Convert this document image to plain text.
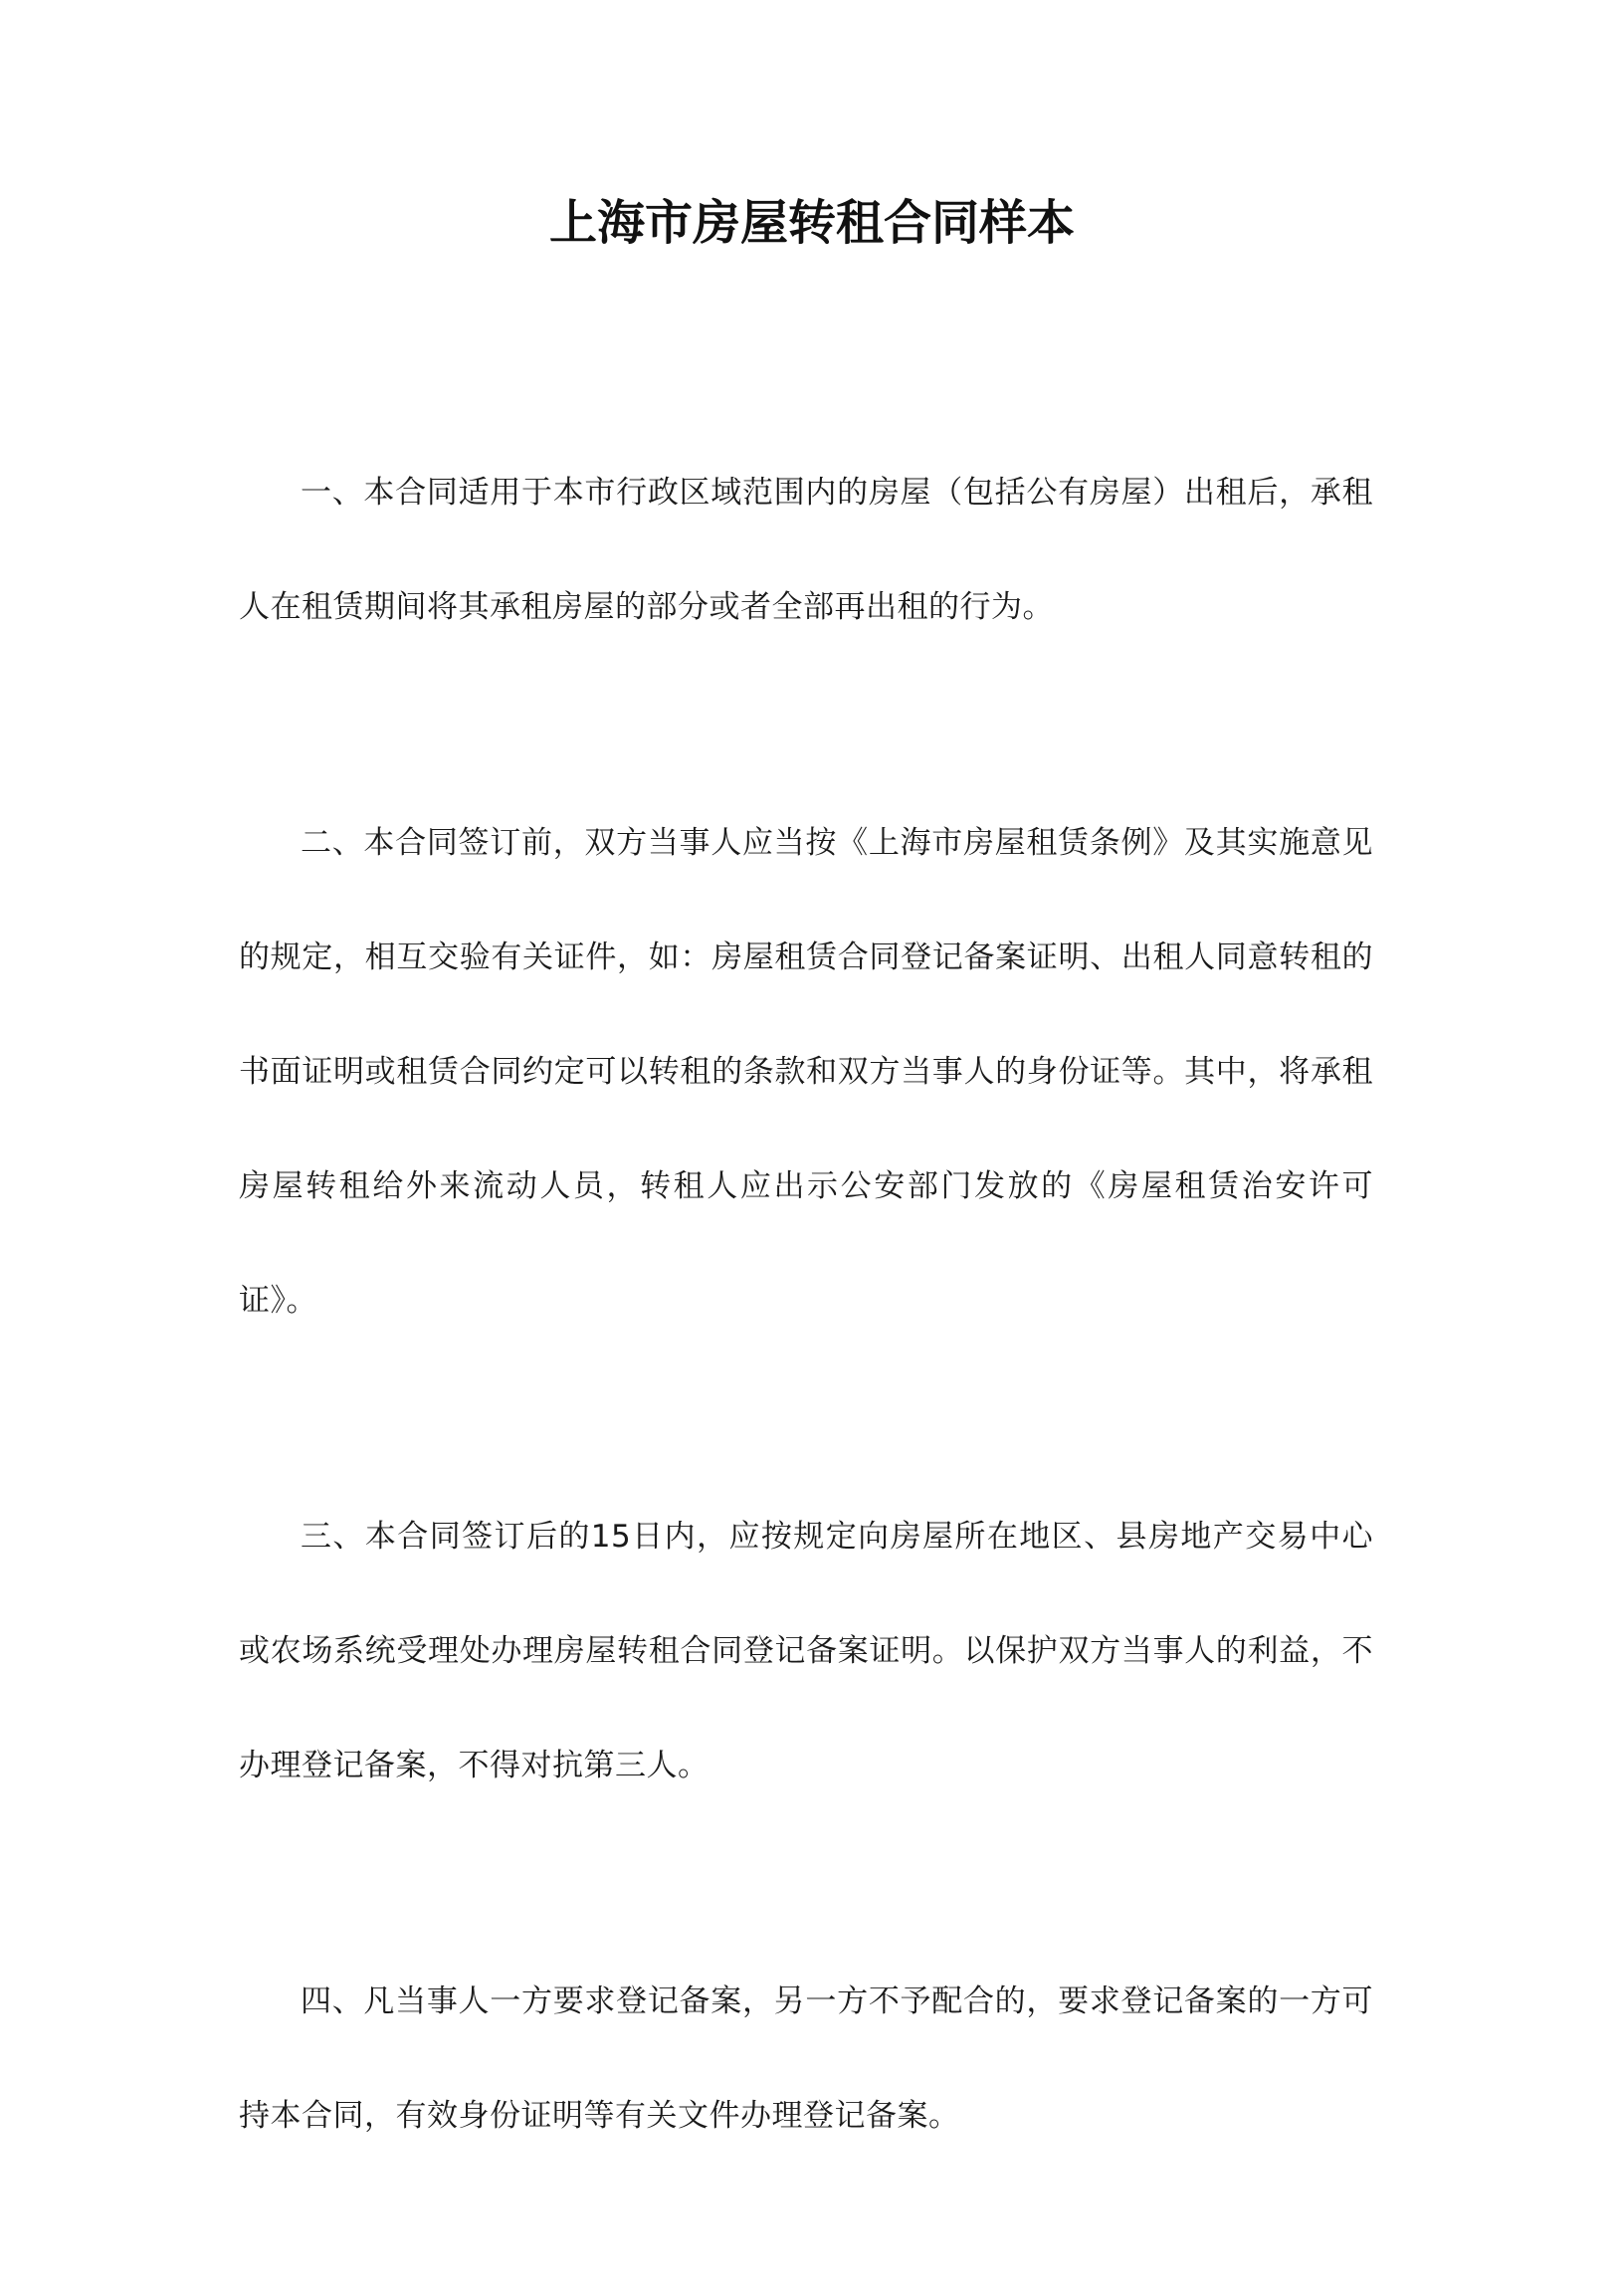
上海市房屋转租合同样本

一、本合同适用于本市行政区域范围内的房屋（包括公有房屋）出租后，承租人在租赁期间将其承租房屋的部分或者全部再出租的行为。

二、本合同签订前，双方当事人应当按《上海市房屋租赁条例》及其实施意见的规定，相互交验有关证件，如：房屋租赁合同登记备案证明、出租人同意转租的书面证明或租赁合同约定可以转租的条款和双方当事人的身份证等。其中，将承租房屋转租给外来流动人员，转租人应出示公安部门发放的《房屋租赁治安许可证》。

三、本合同签订后的15日内，应按规定向房屋所在地区、县房地产交易中心或农场系统受理处办理房屋转租合同登记备案证明。以保护双方当事人的利益，不办理登记备案，不得对抗第三人。

四、凡当事人一方要求登记备案，另一方不予配合的，要求登记备案的一方可持本合同，有效身份证明等有关文件办理登记备案。
